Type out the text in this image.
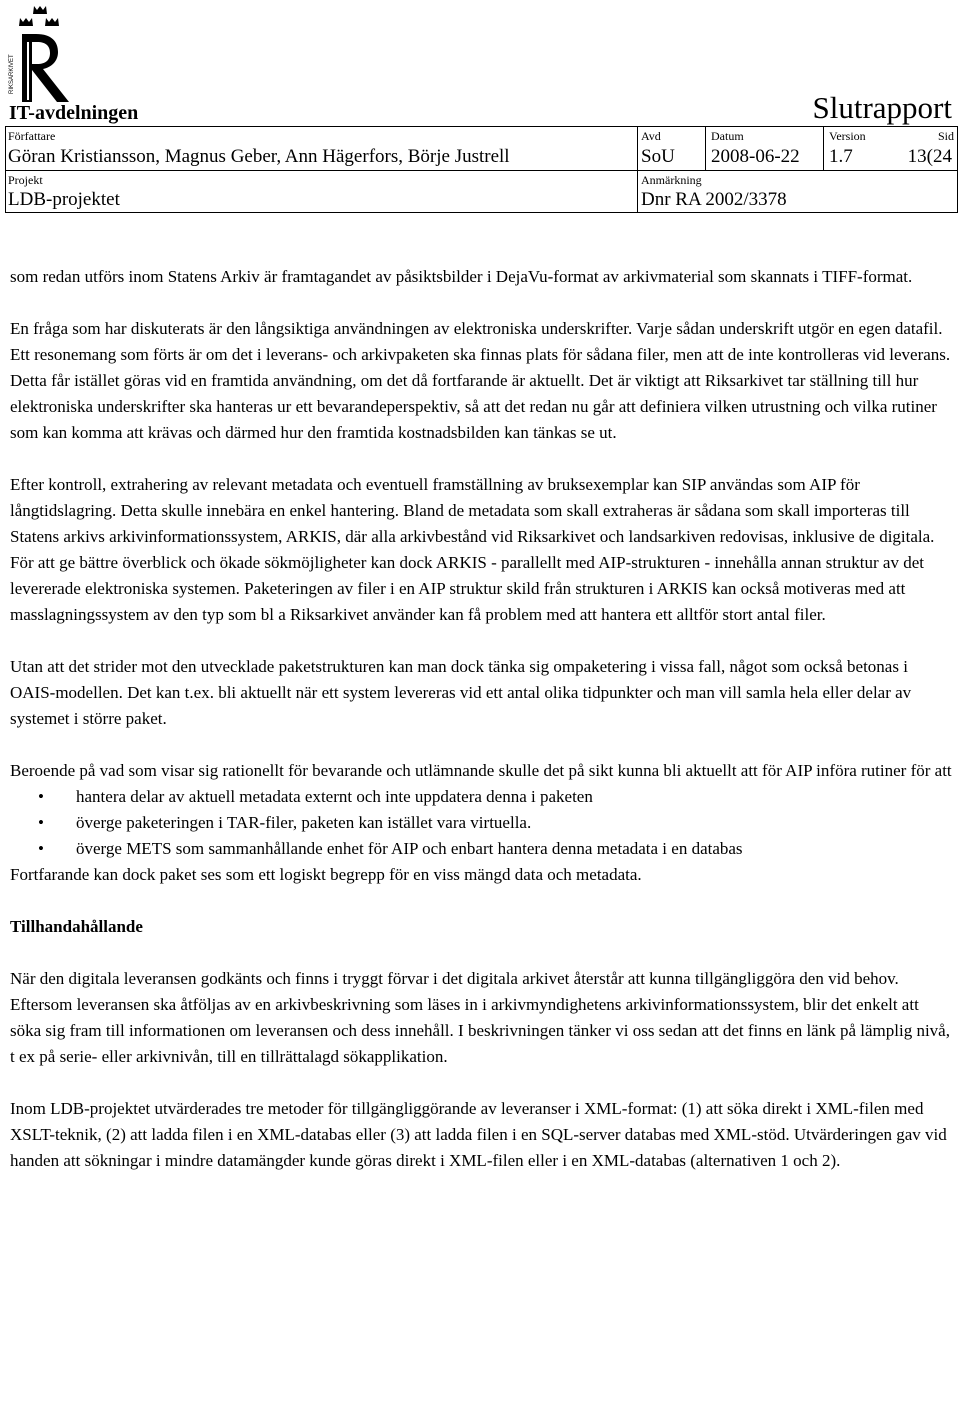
RIKSARKIVET
IT-avdelningen	Slutrapport
Författare
Göran Kristiansson, Magnus Geber, Ann Hägerfors, Börje Justrell
Avd
SoU
Datum
2008-06-22
Version
1.7
Sid
13(24
Projekt
LDB-projektet
Anmärkning
Dnr RA 2002/3378

som redan utförs inom Statens Arkiv är framtagandet av påsiktsbilder i DejaVu-format av arkivmaterial som skannats i TIFF-format.

En fråga som har diskuterats är den långsiktiga användningen av elektroniska underskrifter. Varje sådan underskrift utgör en egen datafil. Ett resonemang som förts är om det i leverans- och arkivpaketen ska finnas plats för sådana filer, men att de inte kontrolleras vid leverans. Detta får istället göras vid en framtida användning, om det då fortfarande är aktuellt. Det är viktigt att Riksarkivet tar ställning till hur elektroniska underskrifter ska hanteras ur ett bevarandeperspektiv, så att det redan nu går att definiera vilken utrustning och vilka rutiner som kan komma att krävas och därmed hur den framtida kostnadsbilden kan tänkas se ut.

Efter kontroll, extrahering av relevant metadata och eventuell framställning av bruksexemplar kan SIP användas som AIP för långtidslagring. Detta skulle innebära en enkel hantering. Bland de metadata som skall extraheras är sådana som skall importeras till Statens arkivs arkivinformationssystem, ARKIS, där alla arkivbestånd vid Riksarkivet och landsarkiven redovisas, inklusive de digitala. För att ge bättre överblick och ökade sökmöjligheter kan dock ARKIS - parallellt med AIP-strukturen - innehålla annan struktur av det levererade elektroniska systemen. Paketeringen av filer i en AIP struktur skild från strukturen i ARKIS kan också motiveras med att masslagningssystem av den typ som bl a Riksarkivet använder kan få problem med att hantera ett alltför stort antal filer.

Utan att det strider mot den utvecklade paketstrukturen kan man dock tänka sig ompaketering i vissa fall, något som också betonas i OAIS-modellen. Det kan t.ex. bli aktuellt när ett system levereras vid ett antal olika tidpunkter och man vill samla hela eller delar av systemet i större paket.

Beroende på vad som visar sig rationellt för bevarande och utlämnande skulle det på sikt kunna bli aktuellt att för AIP införa rutiner för att

• hantera delar av aktuell metadata externt och inte uppdatera denna i paketen
• överge paketeringen i TAR-filer, paketen kan istället vara virtuella.
• överge METS som sammanhållande enhet för AIP och enbart hantera denna metadata i en databas

Fortfarande kan dock paket ses som ett logiskt begrepp för en viss mängd data och metadata.

Tillhandahållande

När den digitala leveransen godkänts och finns i tryggt förvar i det digitala arkivet återstår att kunna tillgängliggöra den vid behov. Eftersom leveransen ska åtföljas av en arkivbeskrivning som läses in i arkivmyndighetens arkivinformationssystem, blir det enkelt att söka sig fram till informationen om leveransen och dess innehåll. I beskrivningen tänker vi oss sedan att det finns en länk på lämplig nivå, t ex på serie- eller arkivnivån, till en tillrättalagd sökapplikation.

Inom LDB-projektet utvärderades tre metoder för tillgängliggörande av leveranser i XML-format: (1) att söka direkt i XML-filen med XSLT-teknik, (2) att ladda filen i en XML-databas eller (3) att ladda filen i en SQL-server databas med XML-stöd. Utvärderingen gav vid handen att sökningar i mindre datamängder kunde göras direkt i XML-filen eller i en XML-databas (alternativen 1 och 2).
